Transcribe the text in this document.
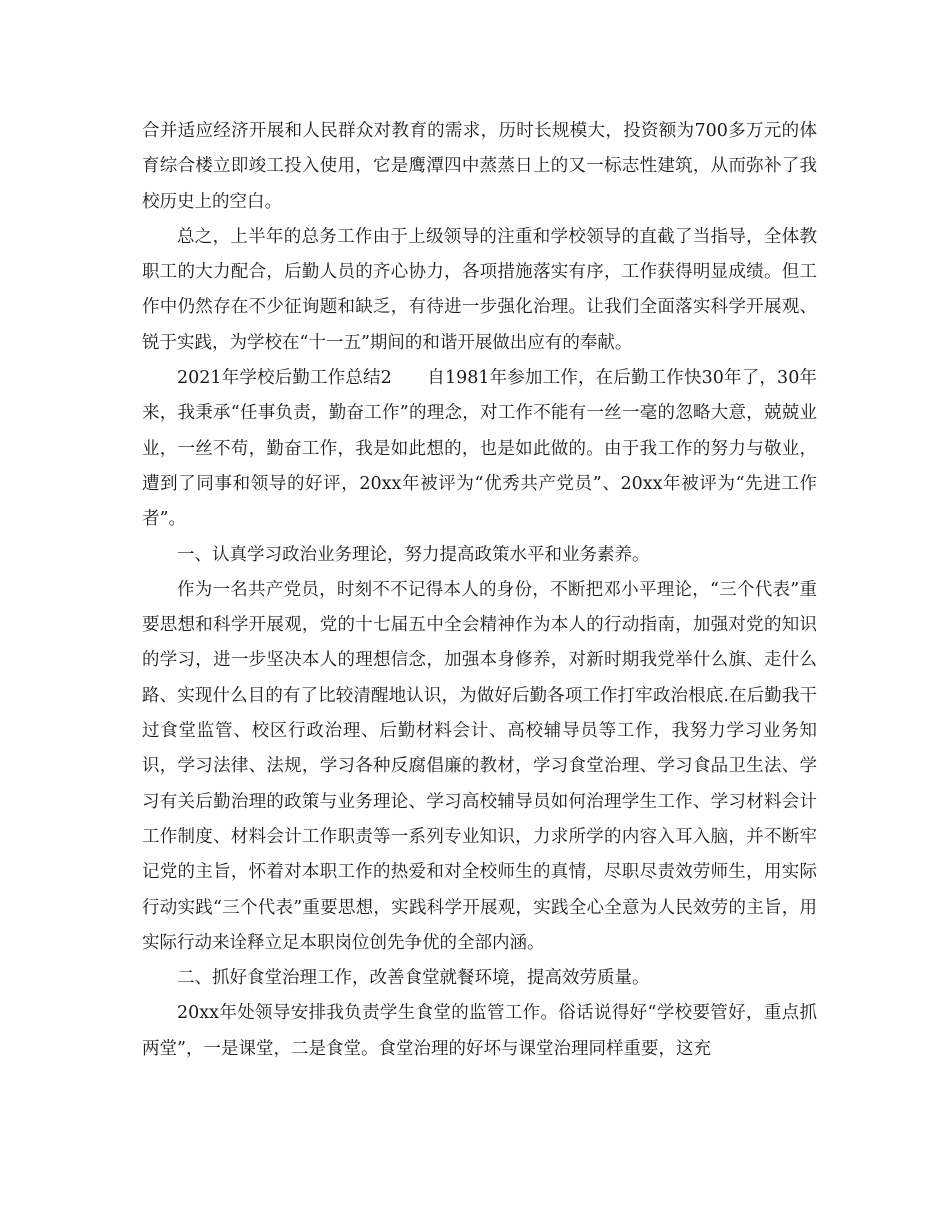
合并适应经济开展和人民群众对教育的需求，历时长规模大，投资额为700多万元的体育综合楼立即竣工投入使用，它是鹰潭四中蒸蒸日上的又一标志性建筑，从而弥补了我校历史上的空白。

总之，上半年的总务工作由于上级领导的注重和学校领导的直截了当指导，全体教职工的大力配合，后勤人员的齐心协力，各项措施落实有序，工作获得明显成绩。但工作中仍然存在不少征询题和缺乏，有待进一步强化治理。让我们全面落实科学开展观、锐于实践，为学校在“十一五”期间的和谐开展做出应有的奉献。

2021年学校后勤工作总结2　　自1981年参加工作，在后勤工作快30年了，30年来，我秉承“任事负责，勤奋工作”的理念，对工作不能有一丝一毫的忽略大意，兢兢业业，一丝不苟，勤奋工作，我是如此想的，也是如此做的。由于我工作的努力与敬业，遭到了同事和领导的好评，20xx年被评为“优秀共产党员”、20xx年被评为“先进工作者”。

一、认真学习政治业务理论，努力提高政策水平和业务素养。

作为一名共产党员，时刻不不记得本人的身份，不断把邓小平理论，“三个代表”重要思想和科学开展观，党的十七届五中全会精神作为本人的行动指南，加强对党的知识的学习，进一步坚决本人的理想信念，加强本身修养，对新时期我党举什么旗、走什么路、实现什么目的有了比较清醒地认识，为做好后勤各项工作打牢政治根底.在后勤我干过食堂监管、校区行政治理、后勤材料会计、高校辅导员等工作，我努力学习业务知识，学习法律、法规，学习各种反腐倡廉的教材，学习食堂治理、学习食品卫生法、学习有关后勤治理的政策与业务理论、学习高校辅导员如何治理学生工作、学习材料会计工作制度、材料会计工作职责等一系列专业知识，力求所学的内容入耳入脑，并不断牢记党的主旨，怀着对本职工作的热爱和对全校师生的真情，尽职尽责效劳师生，用实际行动实践“三个代表”重要思想，实践科学开展观，实践全心全意为人民效劳的主旨，用实际行动来诠释立足本职岗位创先争优的全部内涵。

二、抓好食堂治理工作，改善食堂就餐环境，提高效劳质量。

20xx年处领导安排我负责学生食堂的监管工作。俗话说得好“学校要管好，重点抓两堂”，一是课堂，二是食堂。食堂治理的好坏与课堂治理同样重要，这充
